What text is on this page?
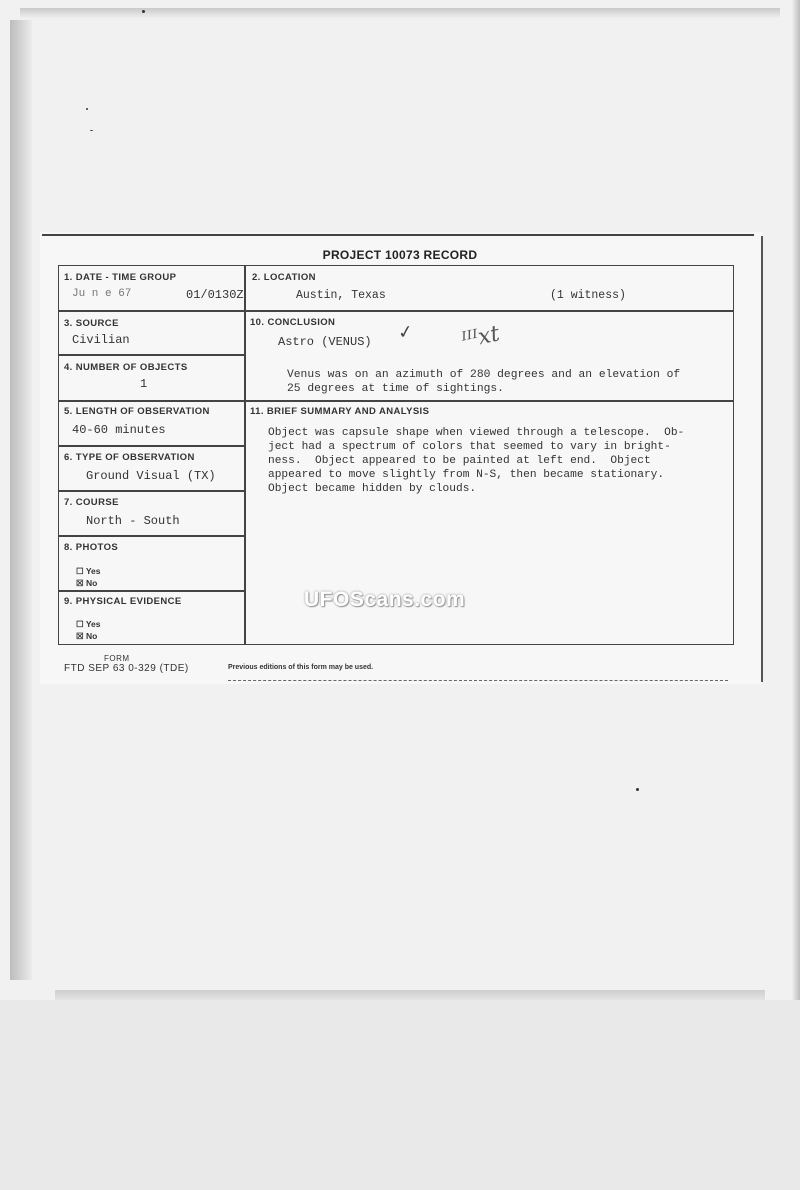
PROJECT 10073 RECORD
1. DATE - TIME GROUP
Ju n e 67	01/0130Z
2. LOCATION
Austin, Texas	(1 witness)
3. SOURCE
Civilian
4. NUMBER OF OBJECTS
1
5. LENGTH OF OBSERVATION
40-60 minutes
6. TYPE OF OBSERVATION
Ground Visual (TX)
7. COURSE
North - South
8. PHOTOS
☐ Yes
☒ No
9. PHYSICAL EVIDENCE
☐ Yes
☒ No
10. CONCLUSION
Astro (VENUS) ✓ ᴵᴵᴵxt
Venus was on an azimuth of 280 degrees and an elevation of
25 degrees at time of sightings.
11. BRIEF SUMMARY AND ANALYSIS
Object was capsule shape when viewed through a telescope.  Ob-
ject had a spectrum of colors that seemed to vary in bright-
ness.  Object appeared to be painted at left end.  Object
appeared to move slightly from N-S, then became stationary.
Object became hidden by clouds.
UFOScans.com
FORM
FTD SEP 63 0-329 (TDE)	Previous editions of this form may be used.
